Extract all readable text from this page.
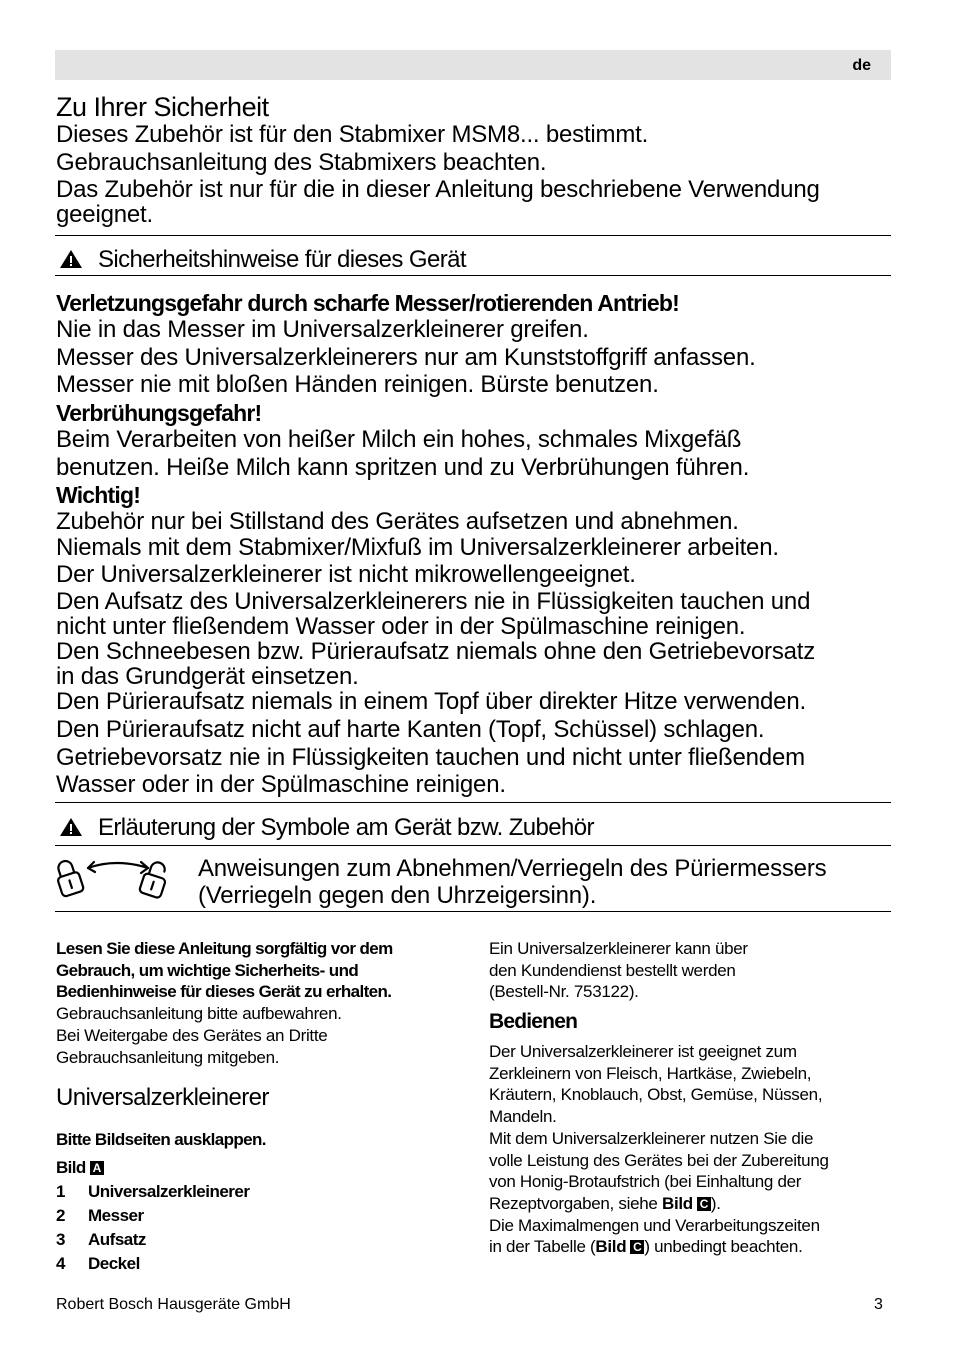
de
Zu Ihrer Sicherheit
Dieses Zubehör ist für den Stabmixer MSM8... bestimmt.
Gebrauchsanleitung des Stabmixers beachten.
Das Zubehör ist nur für die in dieser Anleitung beschriebene Verwendung
geeignet.
Sicherheitshinweise für dieses Gerät
Verletzungsgefahr durch scharfe Messer/rotierenden Antrieb!
Nie in das Messer im Universalzerkleinerer greifen.
Messer des Universalzerkleinerers nur am Kunststoffgriff anfassen.
Messer nie mit bloßen Händen reinigen. Bürste benutzen.
Verbrühungsgefahr!
Beim Verarbeiten von heißer Milch ein hohes, schmales Mixgefäß
benutzen. Heiße Milch kann spritzen und zu Verbrühungen führen.
Wichtig!
Zubehör nur bei Stillstand des Gerätes aufsetzen und abnehmen.
Niemals mit dem Stabmixer/Mixfuß im Universalzerkleinerer arbeiten.
Der Universalzerkleinerer ist nicht mikrowellengeeignet.
Den Aufsatz des Universalzerkleinerers nie in Flüssigkeiten tauchen und
nicht unter fließendem Wasser oder in der Spülmaschine reinigen.
Den Schneebesen bzw. Pürieraufsatz niemals ohne den Getriebevorsatz
in das Grundgerät einsetzen.
Den Pürieraufsatz niemals in einem Topf über direkter Hitze verwenden.
Den Pürieraufsatz nicht auf harte Kanten (Topf, Schüssel) schlagen.
Getriebevorsatz nie in Flüssigkeiten tauchen und nicht unter fließendem
Wasser oder in der Spülmaschine reinigen.
Erläuterung der Symbole am Gerät bzw. Zubehör
Anweisungen zum Abnehmen/Verriegeln des Püriermessers
(Verriegeln gegen den Uhrzeigersinn).
Lesen Sie diese Anleitung sorgfältig vor dem
Gebrauch, um wichtige Sicherheits- und
Bedienhinweise für dieses Gerät zu erhalten.
Gebrauchsanleitung bitte aufbewahren.
Bei Weitergabe des Gerätes an Dritte
Gebrauchsanleitung mitgeben.
Universalzerkleinerer
Bitte Bildseiten ausklappen.
Bild A
1	Universalzerkleinerer
2	Messer
3	Aufsatz
4	Deckel
Ein Universalzerkleinerer kann über
den Kundendienst bestellt werden
(Bestell-Nr. 753122).
Bedienen
Der Universalzerkleinerer ist geeignet zum
Zerkleinern von Fleisch, Hartkäse, Zwiebeln,
Kräutern, Knoblauch, Obst, Gemüse, Nüssen,
Mandeln.
Mit dem Universalzerkleinerer nutzen Sie die
volle Leistung des Gerätes bei der Zubereitung
von Honig-Brotaufstrich (bei Einhaltung der
Rezeptvorgaben, siehe Bild C ).
Die Maximalmengen und Verarbeitungszeiten
in der Tabelle (Bild C ) unbedingt beachten.
Robert Bosch Hausgeräte GmbH	3
